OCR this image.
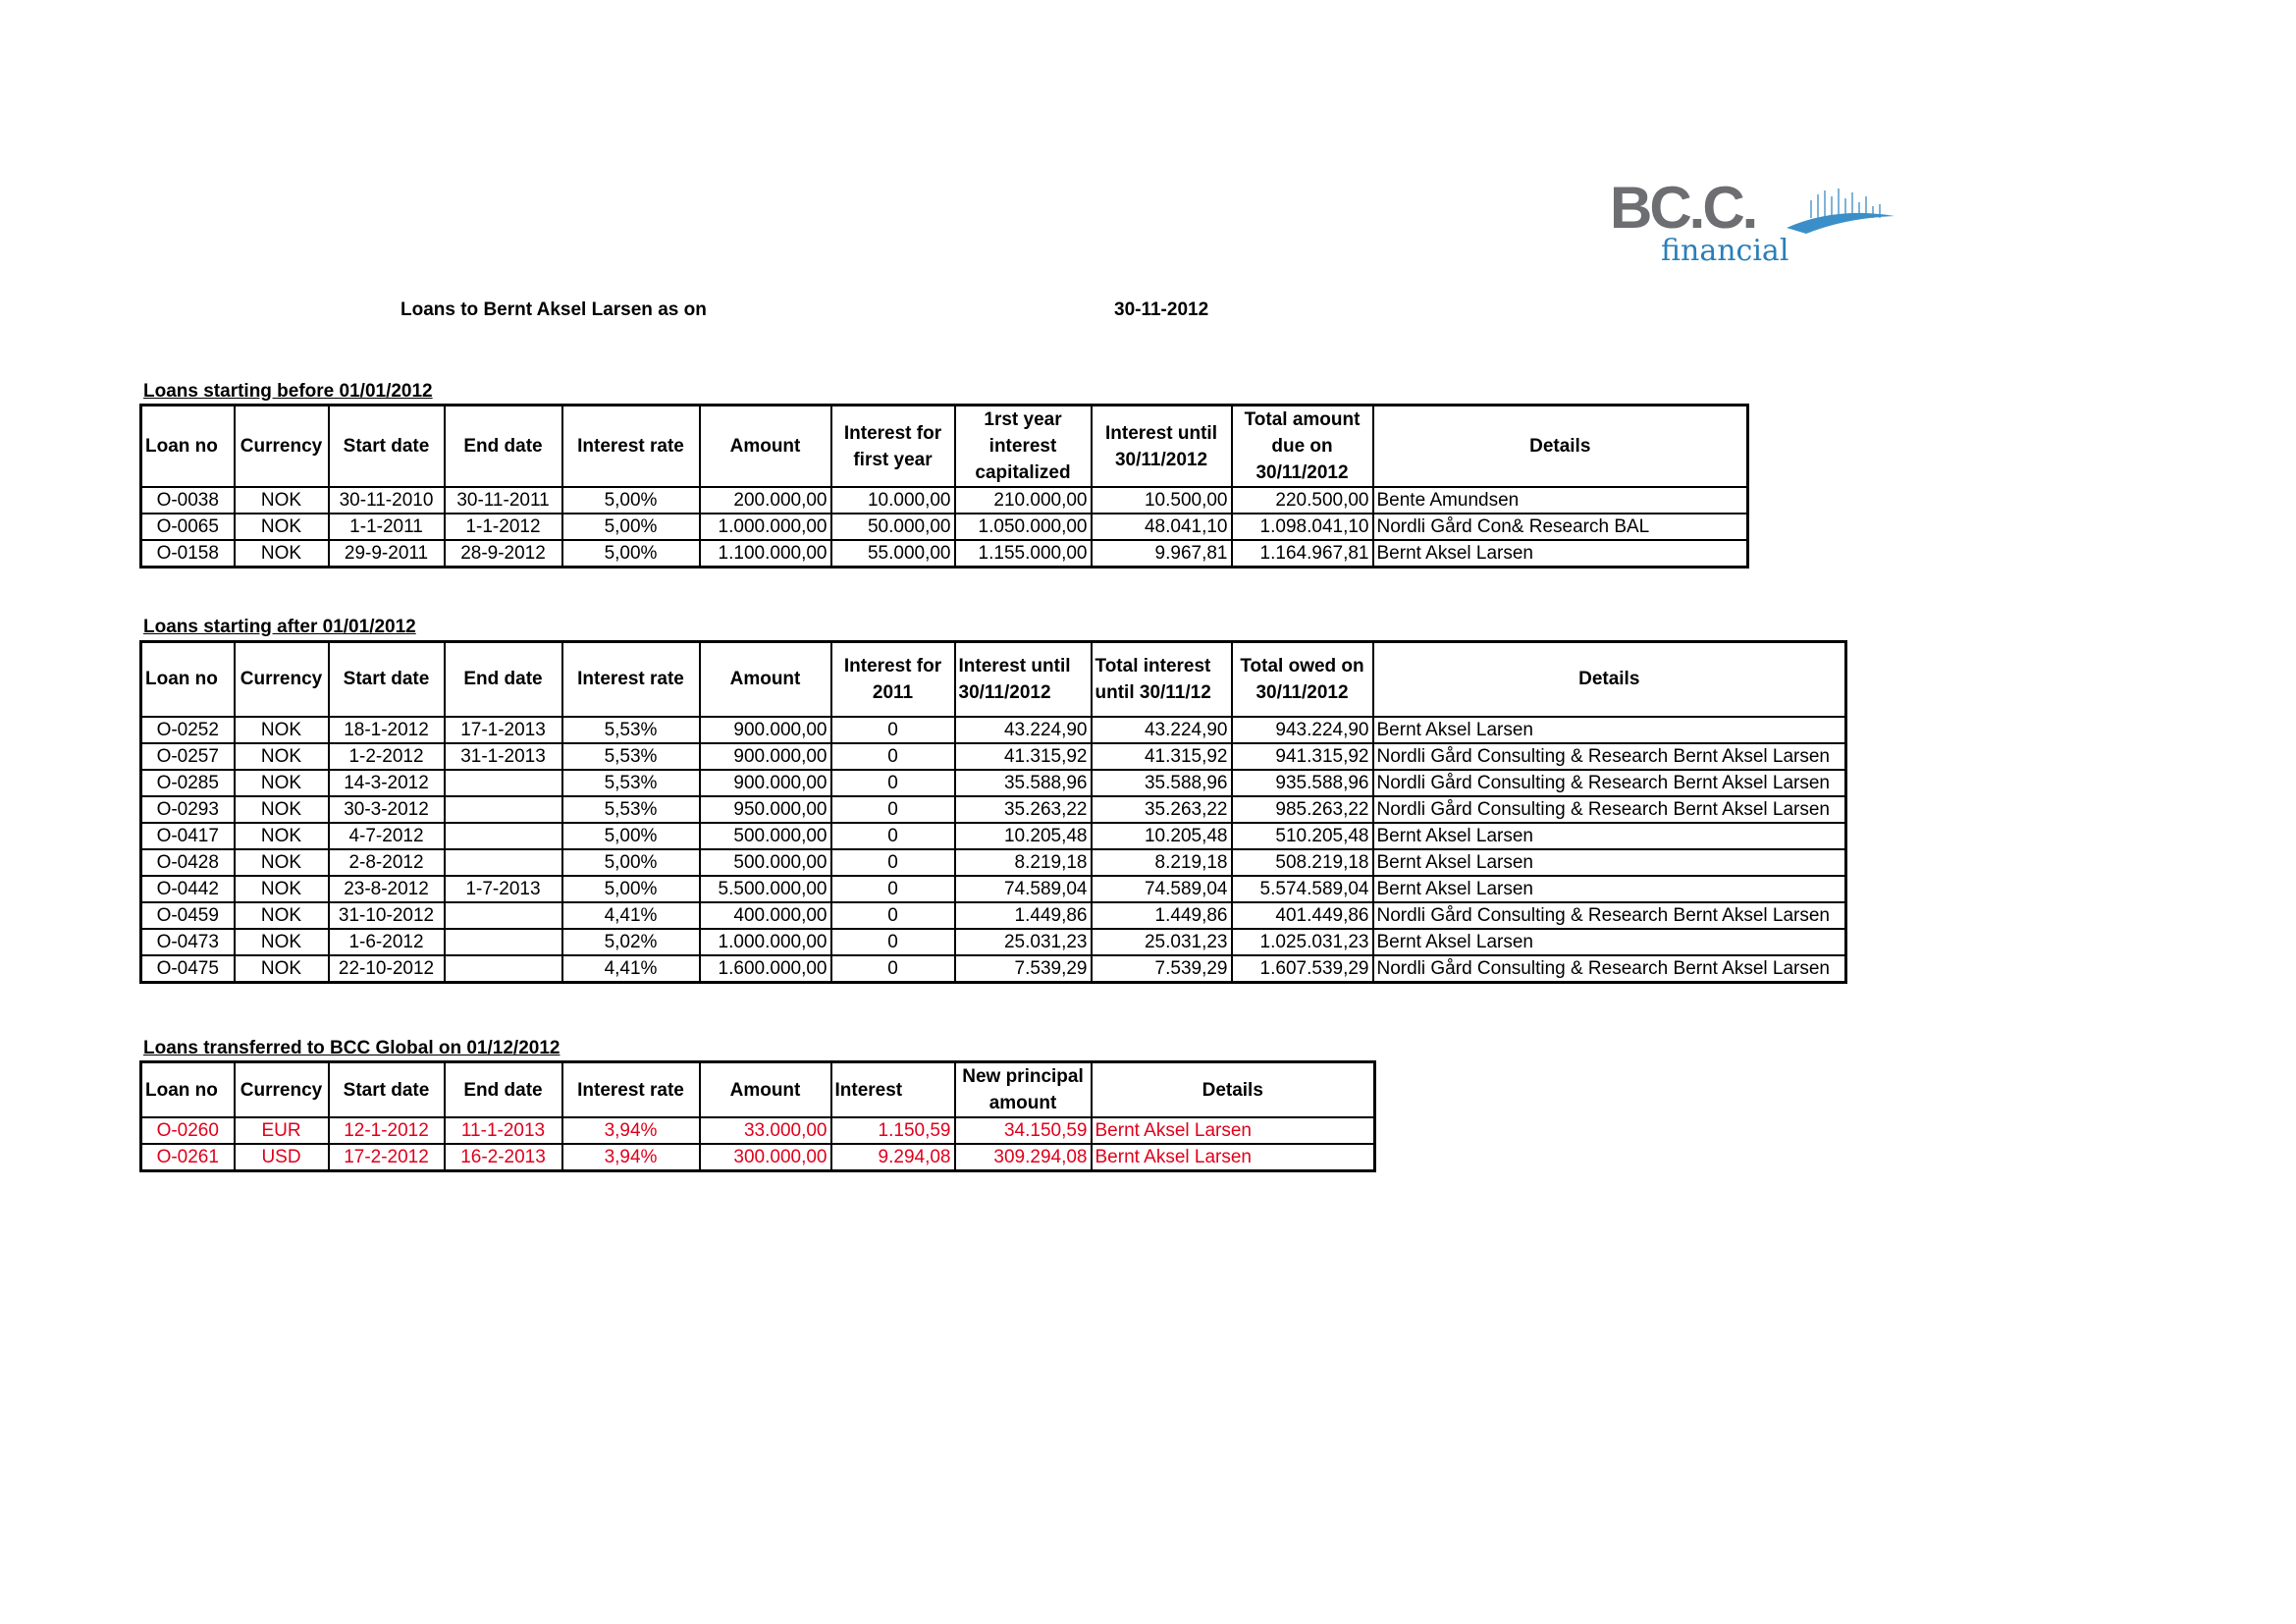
BC.C.
financial
Loans to Bernt Aksel Larsen as on	30-11-2012
Loans starting before 01/01/2012
Loan no	Currency	Start date	End date	Interest rate	Amount	Interest for first year	1rst year interest capitalized	Interest until 30/11/2012	Total amount due on 30/11/2012	Details
O-0038	NOK	30-11-2010	30-11-2011	5,00%	200.000,00	10.000,00	210.000,00	10.500,00	220.500,00	Bente Amundsen
O-0065	NOK	1-1-2011	1-1-2012	5,00%	1.000.000,00	50.000,00	1.050.000,00	48.041,10	1.098.041,10	Nordli Gård Con& Research BAL
O-0158	NOK	29-9-2011	28-9-2012	5,00%	1.100.000,00	55.000,00	1.155.000,00	9.967,81	1.164.967,81	Bernt Aksel Larsen
Loans starting after 01/01/2012
Loan no	Currency	Start date	End date	Interest rate	Amount	Interest for 2011	Interest until 30/11/2012	Total interest until 30/11/12	Total owed on 30/11/2012	Details
O-0252	NOK	18-1-2012	17-1-2013	5,53%	900.000,00	0	43.224,90	43.224,90	943.224,90	Bernt Aksel Larsen
O-0257	NOK	1-2-2012	31-1-2013	5,53%	900.000,00	0	41.315,92	41.315,92	941.315,92	Nordli Gård Consulting & Research Bernt Aksel Larsen
O-0285	NOK	14-3-2012		5,53%	900.000,00	0	35.588,96	35.588,96	935.588,96	Nordli Gård Consulting & Research Bernt Aksel Larsen
O-0293	NOK	30-3-2012		5,53%	950.000,00	0	35.263,22	35.263,22	985.263,22	Nordli Gård Consulting & Research Bernt Aksel Larsen
O-0417	NOK	4-7-2012		5,00%	500.000,00	0	10.205,48	10.205,48	510.205,48	Bernt Aksel Larsen
O-0428	NOK	2-8-2012		5,00%	500.000,00	0	8.219,18	8.219,18	508.219,18	Bernt Aksel Larsen
O-0442	NOK	23-8-2012	1-7-2013	5,00%	5.500.000,00	0	74.589,04	74.589,04	5.574.589,04	Bernt Aksel Larsen
O-0459	NOK	31-10-2012		4,41%	400.000,00	0	1.449,86	1.449,86	401.449,86	Nordli Gård Consulting & Research Bernt Aksel Larsen
O-0473	NOK	1-6-2012		5,02%	1.000.000,00	0	25.031,23	25.031,23	1.025.031,23	Bernt Aksel Larsen
O-0475	NOK	22-10-2012		4,41%	1.600.000,00	0	7.539,29	7.539,29	1.607.539,29	Nordli Gård Consulting & Research Bernt Aksel Larsen
Loans transferred to BCC Global on 01/12/2012
Loan no	Currency	Start date	End date	Interest rate	Amount	Interest	New principal amount	Details
O-0260	EUR	12-1-2012	11-1-2013	3,94%	33.000,00	1.150,59	34.150,59	Bernt Aksel Larsen
O-0261	USD	17-2-2012	16-2-2013	3,94%	300.000,00	9.294,08	309.294,08	Bernt Aksel Larsen
